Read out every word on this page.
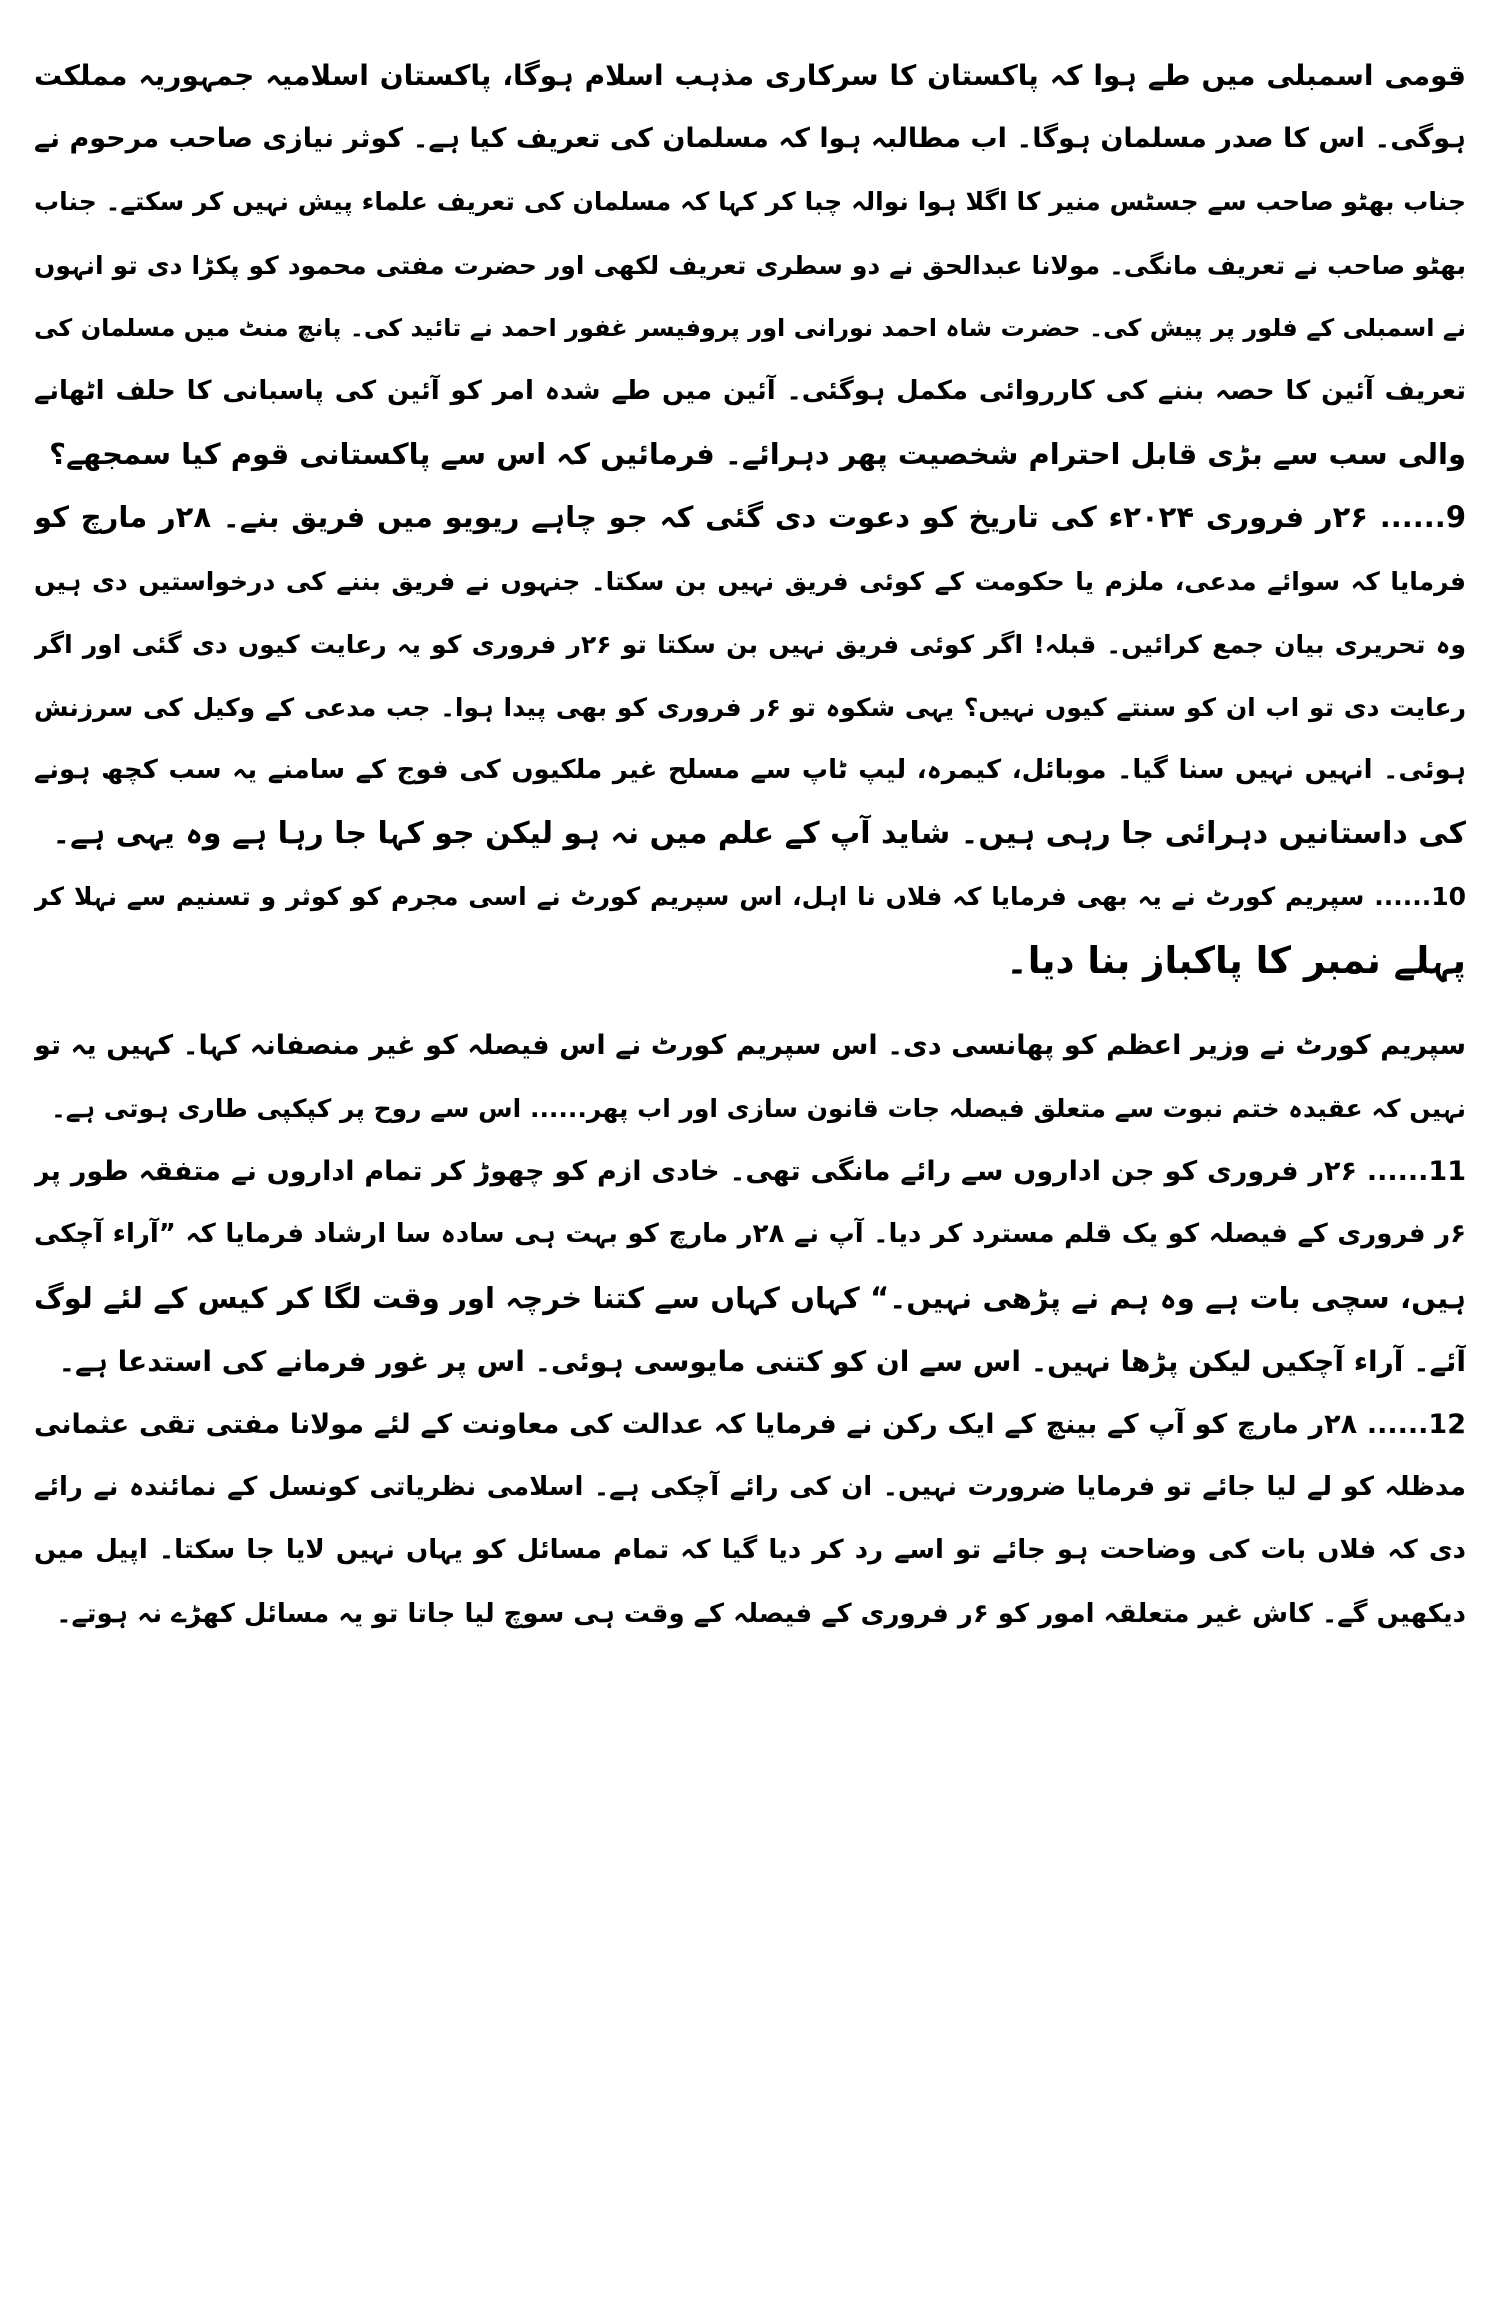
قومی اسمبلی میں طے ہوا کہ پاکستان کا سرکاری مذہب اسلام ہوگا، پاکستان اسلامیہ جمہوریہ مملکت
ہوگی۔ اس کا صدر مسلمان ہوگا۔ اب مطالبہ ہوا کہ مسلمان کی تعریف کیا ہے۔ کوثر نیازی صاحب مرحوم نے
جناب بھٹو صاحب سے جسٹس منیر کا اگلا ہوا نوالہ چبا کر کہا کہ مسلمان کی تعریف علماء پیش نہیں کر سکتے۔ جناب
بھٹو صاحب نے تعریف مانگی۔ مولانا عبدالحق نے دو سطری تعریف لکھی اور حضرت مفتی محمود کو پکڑا دی تو انہوں
نے اسمبلی کے فلور پر پیش کی۔ حضرت شاہ احمد نورانی اور پروفیسر غفور احمد نے تائید کی۔ پانچ منٹ میں مسلمان کی
تعریف آئین کا حصہ بننے کی کارروائی مکمل ہوگئی۔ آئین میں طے شدہ امر کو آئین کی پاسبانی کا حلف اٹھانے
والی سب سے بڑی قابل احترام شخصیت پھر دہرائے۔ فرمائیں کہ اس سے پاکستانی قوم کیا سمجھے؟
9...... ۲۶ر فروری ۲۰۲۴ء کی تاریخ کو دعوت دی گئی کہ جو چاہے ریویو میں فریق بنے۔ ۲۸ر مارچ کو
فرمایا کہ سوائے مدعی، ملزم یا حکومت کے کوئی فریق نہیں بن سکتا۔ جنہوں نے فریق بننے کی درخواستیں دی ہیں
وہ تحریری بیان جمع کرائیں۔ قبلہ! اگر کوئی فریق نہیں بن سکتا تو ۲۶ر فروری کو یہ رعایت کیوں دی گئی اور اگر
رعایت دی تو اب ان کو سنتے کیوں نہیں؟ یہی شکوہ تو ۶ر فروری کو بھی پیدا ہوا۔ جب مدعی کے وکیل کی سرزنش
ہوئی۔ انہیں نہیں سنا گیا۔ موبائل، کیمرہ، لیپ ٹاپ سے مسلح غیر ملکیوں کی فوج کے سامنے یہ سب کچھ ہونے
کی داستانیں دہرائی جا رہی ہیں۔ شاید آپ کے علم میں نہ ہو لیکن جو کہا جا رہا ہے وہ یہی ہے۔
10...... سپریم کورٹ نے یہ بھی فرمایا کہ فلاں نا اہل، اس سپریم کورٹ نے اسی مجرم کو کوثر و تسنیم سے نہلا کر
پہلے نمبر کا پاکباز بنا دیا۔
سپریم کورٹ نے وزیر اعظم کو پھانسی دی۔ اس سپریم کورٹ نے اس فیصلہ کو غیر منصفانہ کہا۔ کہیں یہ تو
نہیں کہ عقیدہ ختم نبوت سے متعلق فیصلہ جات قانون سازی اور اب پھر...... اس سے روح پر کپکپی طاری ہوتی ہے۔
11...... ۲۶ر فروری کو جن اداروں سے رائے مانگی تھی۔ خادی ازم کو چھوڑ کر تمام اداروں نے متفقہ طور پر
۶ر فروری کے فیصلہ کو یک قلم مسترد کر دیا۔ آپ نے ۲۸ر مارچ کو بہت ہی سادہ سا ارشاد فرمایا کہ ”آراء آچکی
ہیں، سچی بات ہے وہ ہم نے پڑھی نہیں۔“ کہاں کہاں سے کتنا خرچہ اور وقت لگا کر کیس کے لئے لوگ
آئے۔ آراء آچکیں لیکن پڑھا نہیں۔ اس سے ان کو کتنی مایوسی ہوئی۔ اس پر غور فرمانے کی استدعا ہے۔
12...... ۲۸ر مارچ کو آپ کے بینچ کے ایک رکن نے فرمایا کہ عدالت کی معاونت کے لئے مولانا مفتی تقی عثمانی
مدظلہ کو لے لیا جائے تو فرمایا ضرورت نہیں۔ ان کی رائے آچکی ہے۔ اسلامی نظریاتی کونسل کے نمائندہ نے رائے
دی کہ فلاں بات کی وضاحت ہو جائے تو اسے رد کر دیا گیا کہ تمام مسائل کو یہاں نہیں لایا جا سکتا۔ اپیل میں
دیکھیں گے۔ کاش غیر متعلقہ امور کو ۶ر فروری کے فیصلہ کے وقت ہی سوچ لیا جاتا تو یہ مسائل کھڑے نہ ہوتے۔
